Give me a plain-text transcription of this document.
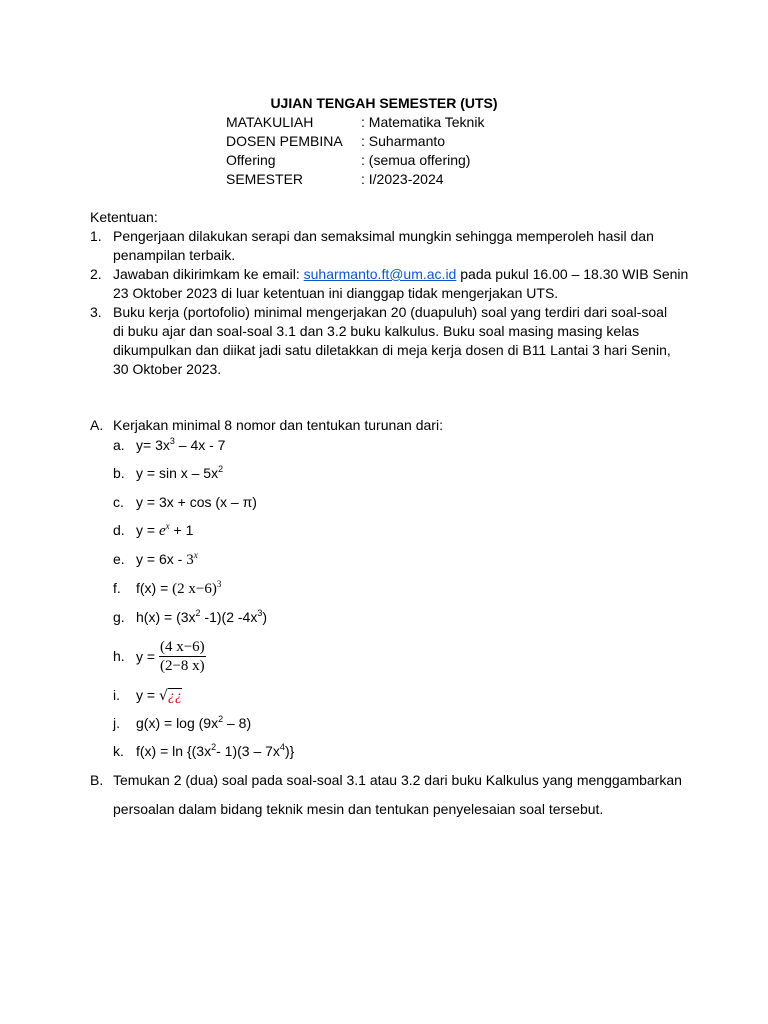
UJIAN TENGAH SEMESTER (UTS)
MATAKULIAH	: Matematika Teknik
DOSEN PEMBINA : Suharmanto
Offering	: (semua offering)
SEMESTER	: I/2023-2024
Ketentuan:
1. Pengerjaan dilakukan serapi dan semaksimal mungkin sehingga memperoleh hasil dan
penampilan terbaik.
2. Jawaban dikirimkam ke email: suharmanto.ft@um.ac.id pada pukul 16.00 – 18.30 WIB Senin
23 Oktober 2023 di luar ketentuan ini dianggap tidak mengerjakan UTS.
3. Buku kerja (portofolio) minimal mengerjakan 20 (duapuluh) soal yang terdiri dari soal-soal
di buku ajar dan soal-soal 3.1 dan 3.2 buku kalkulus. Buku soal masing masing kelas
dikumpulkan dan diikat jadi satu diletakkan di meja kerja dosen di B11 Lantai 3 hari Senin,
30 Oktober 2023.
A. Kerjakan minimal 8 nomor dan tentukan turunan dari:
a. $y= 3x^3 - 4x - 7$
b. $y = \sin x - 5x^2$
c. y = 3x + cos (x – π)
d. $y = e^x + 1$
e. y = 6x - 3$^x$
f. f(x) = (2 x−6)$^3$
g. $h(x) = (3x^2$ -1)(2 $-4x^3$)
h. $y = \frac{(4 x-6)}{(2-8 x)}$
i. y = √¿¿
j. $g(x) = \log (9x^2 - 8)$
k. $f(x) = \ln \{(3x^2-$ $1)(3 - 7x^4)$}
B. Temukan 2 (dua) soal pada soal-soal 3.1 atau 3.2 dari buku Kalkulus yang menggambarkan
persoalan dalam bidang teknik mesin dan tentukan penyelesaian soal tersebut.
